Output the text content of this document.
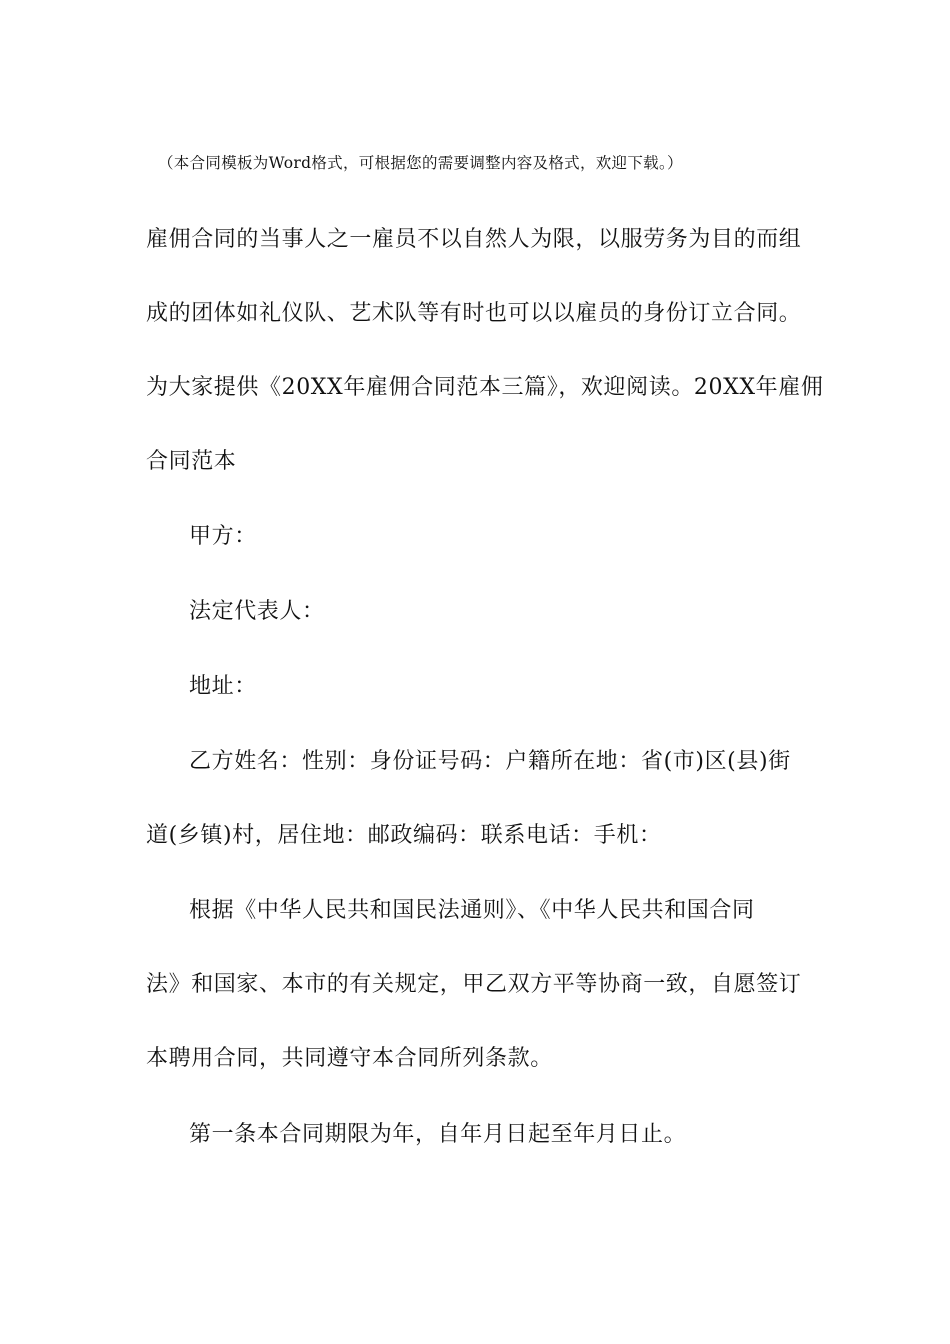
（本合同模板为Word格式，可根据您的需要调整内容及格式，欢迎下载。）
雇佣合同的当事人之一雇员不以自然人为限，以服劳务为目的而组
成的团体如礼仪队、艺术队等有时也可以以雇员的身份订立合同。
为大家提供《20XX年雇佣合同范本三篇》，欢迎阅读。20XX年雇佣
合同范本
甲方：
法定代表人：
地址：
乙方姓名：性别：身份证号码：户籍所在地：省(市)区(县)街
道(乡镇)村，居住地：邮政编码：联系电话：手机：
根据《中华人民共和国民法通则》、《中华人民共和国合同
法》和国家、本市的有关规定，甲乙双方平等协商一致，自愿签订
本聘用合同，共同遵守本合同所列条款。
第一条本合同期限为年，自年月日起至年月日止。
